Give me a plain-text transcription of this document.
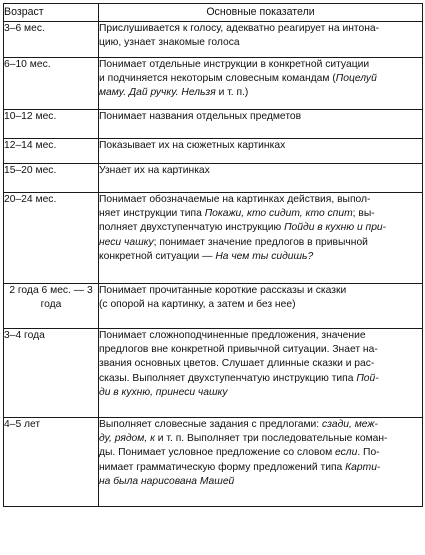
Возраст	Основные показатели
3–6 мес.	Прислушивается к голосу, адекватно реагирует на интона-
цию, узнает знакомые голоса
6–10 мес.	Понимает отдельные инструкции в конкретной ситуации
и подчиняется некоторым словесным командам (Поцелуй
маму. Дай ручку. Нельзя и т. п.)
10–12 мес.	Понимает названия отдельных предметов
12–14 мес.	Показывает их на сюжетных картинках
15–20 мес.	Узнает их на картинках
20–24 мес.	Понимает обозначаемые на картинках действия, выпол-
няет инструкции типа Покажи, кто сидит, кто спит; вы-
полняет двухступенчатую инструкцию Пойди в кухню и при-
неси чашку; понимает значение предлогов в привычной
конкретной ситуации — На чем ты сидишь?
2 года 6 мес. — 3 года	Понимает прочитанные короткие рассказы и сказки
(с опорой на картинку, а затем и без нее)
3–4 года	Понимает сложноподчиненные предложения, значение
предлогов вне конкретной привычной ситуации. Знает на-
звания основных цветов. Слушает длинные сказки и рас-
сказы. Выполняет двухступенчатую инструкцию типа Пой-
ди в кухню, принеси чашку
4–5 лет	Выполняет словесные задания с предлогами: сзади, меж-
ду, рядом, к и т. п. Выполняет три последовательные коман-
ды. Понимает условное предложение со словом если. По-
нимает грамматическую форму предложений типа Карти-
на была нарисована Машей
